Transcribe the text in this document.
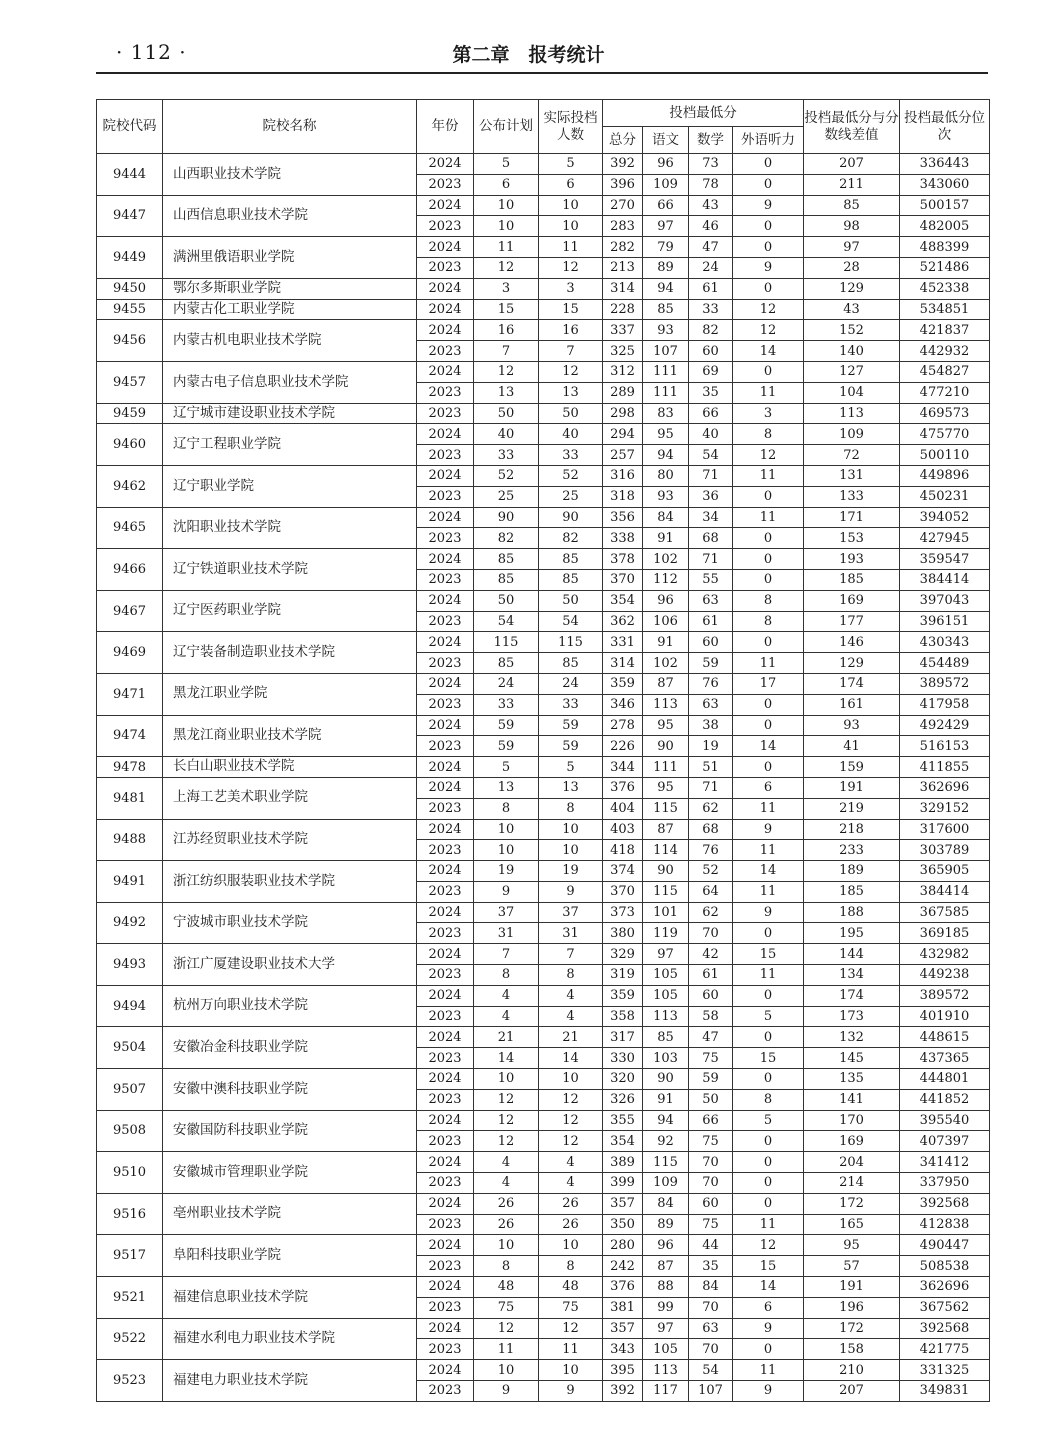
· 112 ·	第二章　报考统计
院校代码	院校名称	年份	公布计划	实际投档人数	投档最低分				投档最低分与分数线差值	投档最低分位次
					总分	语文	数学	外语听力		
9444	山西职业技术学院	2024	5	5	392	96	73	0	207	336443
		2023	6	6	396	109	78	0	211	343060
9447	山西信息职业技术学院	2024	10	10	270	66	43	9	85	500157
		2023	10	10	283	97	46	0	98	482005
9449	满洲里俄语职业学院	2024	11	11	282	79	47	0	97	488399
		2023	12	12	213	89	24	9	28	521486
9450	鄂尔多斯职业学院	2024	3	3	314	94	61	0	129	452338
9455	内蒙古化工职业学院	2024	15	15	228	85	33	12	43	534851
9456	内蒙古机电职业技术学院	2024	16	16	337	93	82	12	152	421837
		2023	7	7	325	107	60	14	140	442932
9457	内蒙古电子信息职业技术学院	2024	12	12	312	111	69	0	127	454827
		2023	13	13	289	111	35	11	104	477210
9459	辽宁城市建设职业技术学院	2023	50	50	298	83	66	3	113	469573
9460	辽宁工程职业学院	2024	40	40	294	95	40	8	109	475770
		2023	33	33	257	94	54	12	72	500110
9462	辽宁职业学院	2024	52	52	316	80	71	11	131	449896
		2023	25	25	318	93	36	0	133	450231
9465	沈阳职业技术学院	2024	90	90	356	84	34	11	171	394052
		2023	82	82	338	91	68	0	153	427945
9466	辽宁铁道职业技术学院	2024	85	85	378	102	71	0	193	359547
		2023	85	85	370	112	55	0	185	384414
9467	辽宁医药职业学院	2024	50	50	354	96	63	8	169	397043
		2023	54	54	362	106	61	8	177	396151
9469	辽宁装备制造职业技术学院	2024	115	115	331	91	60	0	146	430343
		2023	85	85	314	102	59	11	129	454489
9471	黑龙江职业学院	2024	24	24	359	87	76	17	174	389572
		2023	33	33	346	113	63	0	161	417958
9474	黑龙江商业职业技术学院	2024	59	59	278	95	38	0	93	492429
		2023	59	59	226	90	19	14	41	516153
9478	长白山职业技术学院	2024	5	5	344	111	51	0	159	411855
9481	上海工艺美术职业学院	2024	13	13	376	95	71	6	191	362696
		2023	8	8	404	115	62	11	219	329152
9488	江苏经贸职业技术学院	2024	10	10	403	87	68	9	218	317600
		2023	10	10	418	114	76	11	233	303789
9491	浙江纺织服装职业技术学院	2024	19	19	374	90	52	14	189	365905
		2023	9	9	370	115	64	11	185	384414
9492	宁波城市职业技术学院	2024	37	37	373	101	62	9	188	367585
		2023	31	31	380	119	70	0	195	369185
9493	浙江广厦建设职业技术大学	2024	7	7	329	97	42	15	144	432982
		2023	8	8	319	105	61	11	134	449238
9494	杭州万向职业技术学院	2024	4	4	359	105	60	0	174	389572
		2023	4	4	358	113	58	5	173	401910
9504	安徽冶金科技职业学院	2024	21	21	317	85	47	0	132	448615
		2023	14	14	330	103	75	15	145	437365
9507	安徽中澳科技职业学院	2024	10	10	320	90	59	0	135	444801
		2023	12	12	326	91	50	8	141	441852
9508	安徽国防科技职业学院	2024	12	12	355	94	66	5	170	395540
		2023	12	12	354	92	75	0	169	407397
9510	安徽城市管理职业学院	2024	4	4	389	115	70	0	204	341412
		2023	4	4	399	109	70	0	214	337950
9516	亳州职业技术学院	2024	26	26	357	84	60	0	172	392568
		2023	26	26	350	89	75	11	165	412838
9517	阜阳科技职业学院	2024	10	10	280	96	44	12	95	490447
		2023	8	8	242	87	35	15	57	508538
9521	福建信息职业技术学院	2024	48	48	376	88	84	14	191	362696
		2023	75	75	381	99	70	6	196	367562
9522	福建水利电力职业技术学院	2024	12	12	357	97	63	9	172	392568
		2023	11	11	343	105	70	0	158	421775
9523	福建电力职业技术学院	2024	10	10	395	113	54	11	210	331325
		2023	9	9	392	117	107	9	207	349831
